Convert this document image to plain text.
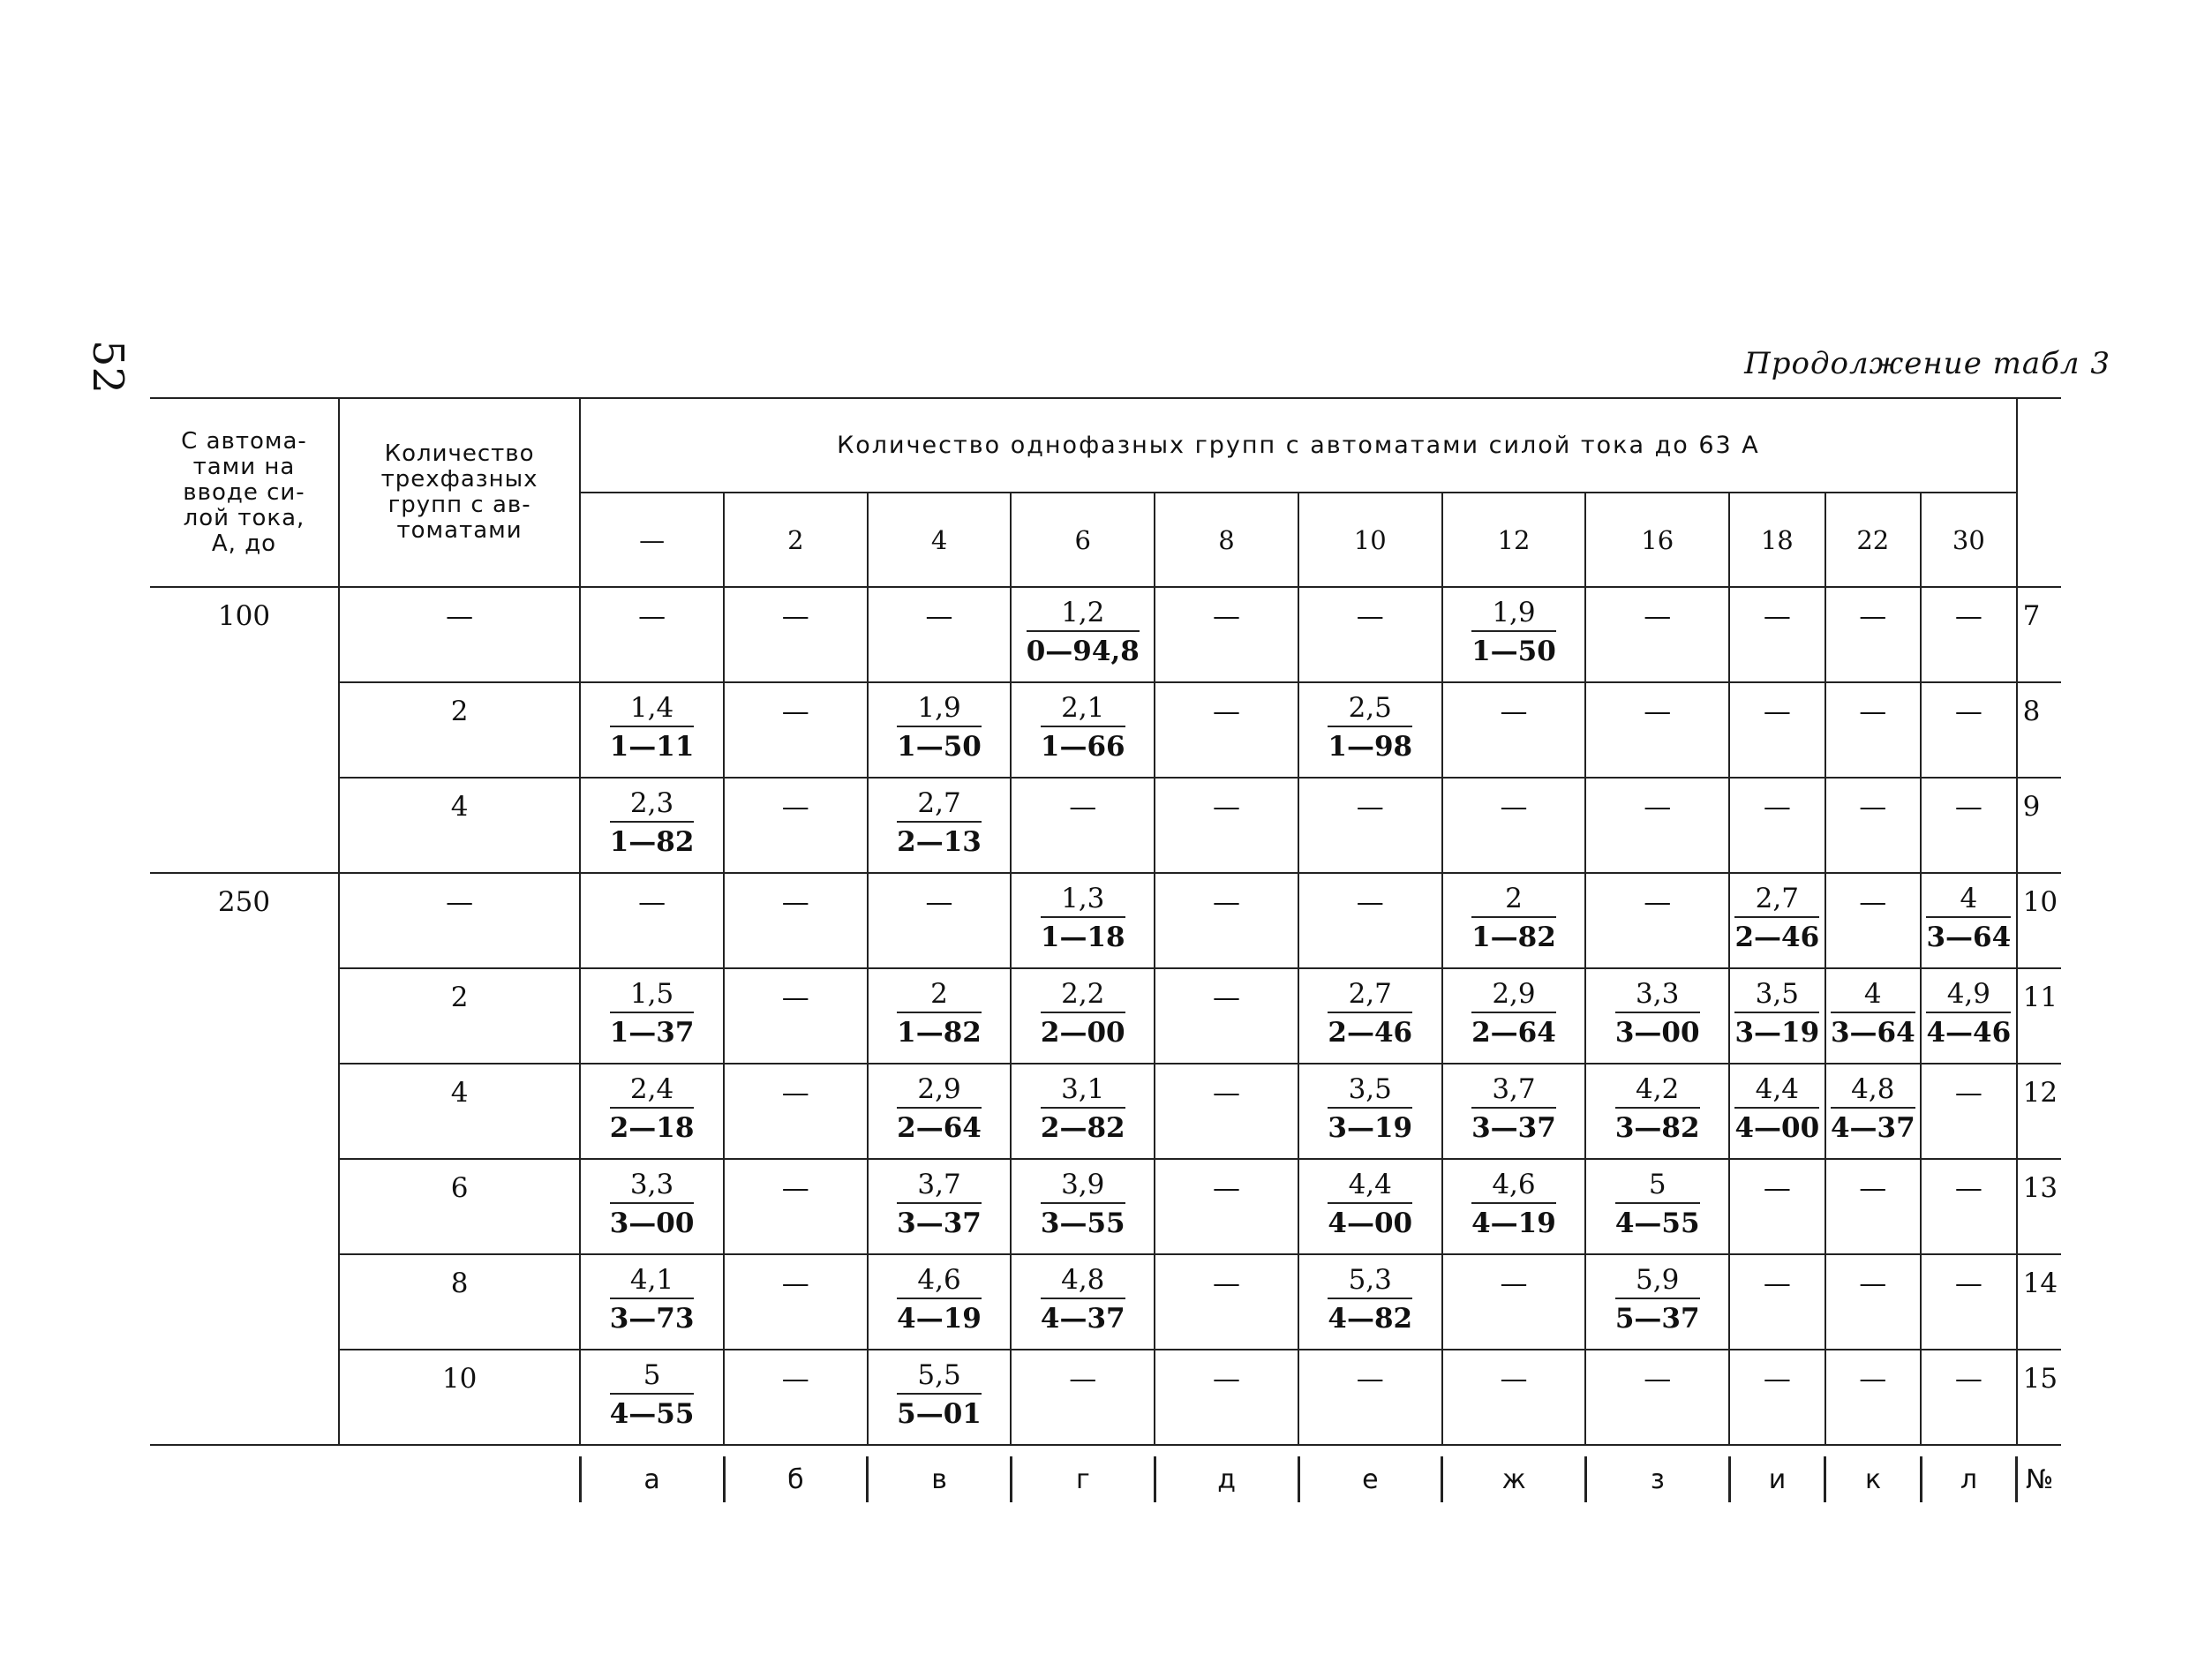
52	Продолжение табл 3
С автома-
тами на
вводе си-
лой тока,
А, до	Количество
трехфазных
групп с ав-
томатами	Количество однофазных групп с автоматами силой тока до 63 А											
		—	2	4	6	8	10	12	16	18	22	30	
100	—	—	—	—	$\frac{1,2}{0—94,8}$	—	—	$\frac{1,9}{1—50}$	—	—	—	—	7
	2	$\frac{1,4}{1—11}$	—	$\frac{1,9}{1—50}$	$\frac{2,1}{1—66}$	—	$\frac{2,5}{1—98}$	—	—	—	—	—	8
	4	$\frac{2,3}{1—82}$	—	$\frac{2,7}{2—13}$	—	—	—	—	—	—	—	—	9
250	—	—	—	—	$\frac{1,3}{1—18}$	—	—	$\frac{2}{1—82}$	—	$\frac{2,7}{2—46}$	—	$\frac{4}{3—64}$	10
	2	$\frac{1,5}{1—37}$	—	$\frac{2}{1—82}$	$\frac{2,2}{2—00}$	—	$\frac{2,7}{2—46}$	$\frac{2,9}{2—64}$	$\frac{3,3}{3—00}$	$\frac{3,5}{3—19}$	$\frac{4}{3—64}$	$\frac{4,9}{4—46}$	11
	4	$\frac{2,4}{2—18}$	—	$\frac{2,9}{2—64}$	$\frac{3,1}{2—82}$	—	$\frac{3,5}{3—19}$	$\frac{3,7}{3—37}$	$\frac{4,2}{3—82}$	$\frac{4,4}{4—00}$	$\frac{4,8}{4—37}$	—	12
	6	$\frac{3,3}{3—00}$	—	$\frac{3,7}{3—37}$	$\frac{3,9}{3—55}$	—	$\frac{4,4}{4—00}$	$\frac{4,6}{4—19}$	$\frac{5}{4—55}$	—	—	—	13
	8	$\frac{4,1}{3—73}$	—	$\frac{4,6}{4—19}$	$\frac{4,8}{4—37}$	—	$\frac{5,3}{4—82}$	—	$\frac{5,9}{5—37}$	—	—	—	14
	10	$\frac{5}{4—55}$	—	$\frac{5,5}{5—01}$	—	—	—	—	—	—	—	—	15
	а	б	в	г	д	е	ж	з	и	к	л	№
